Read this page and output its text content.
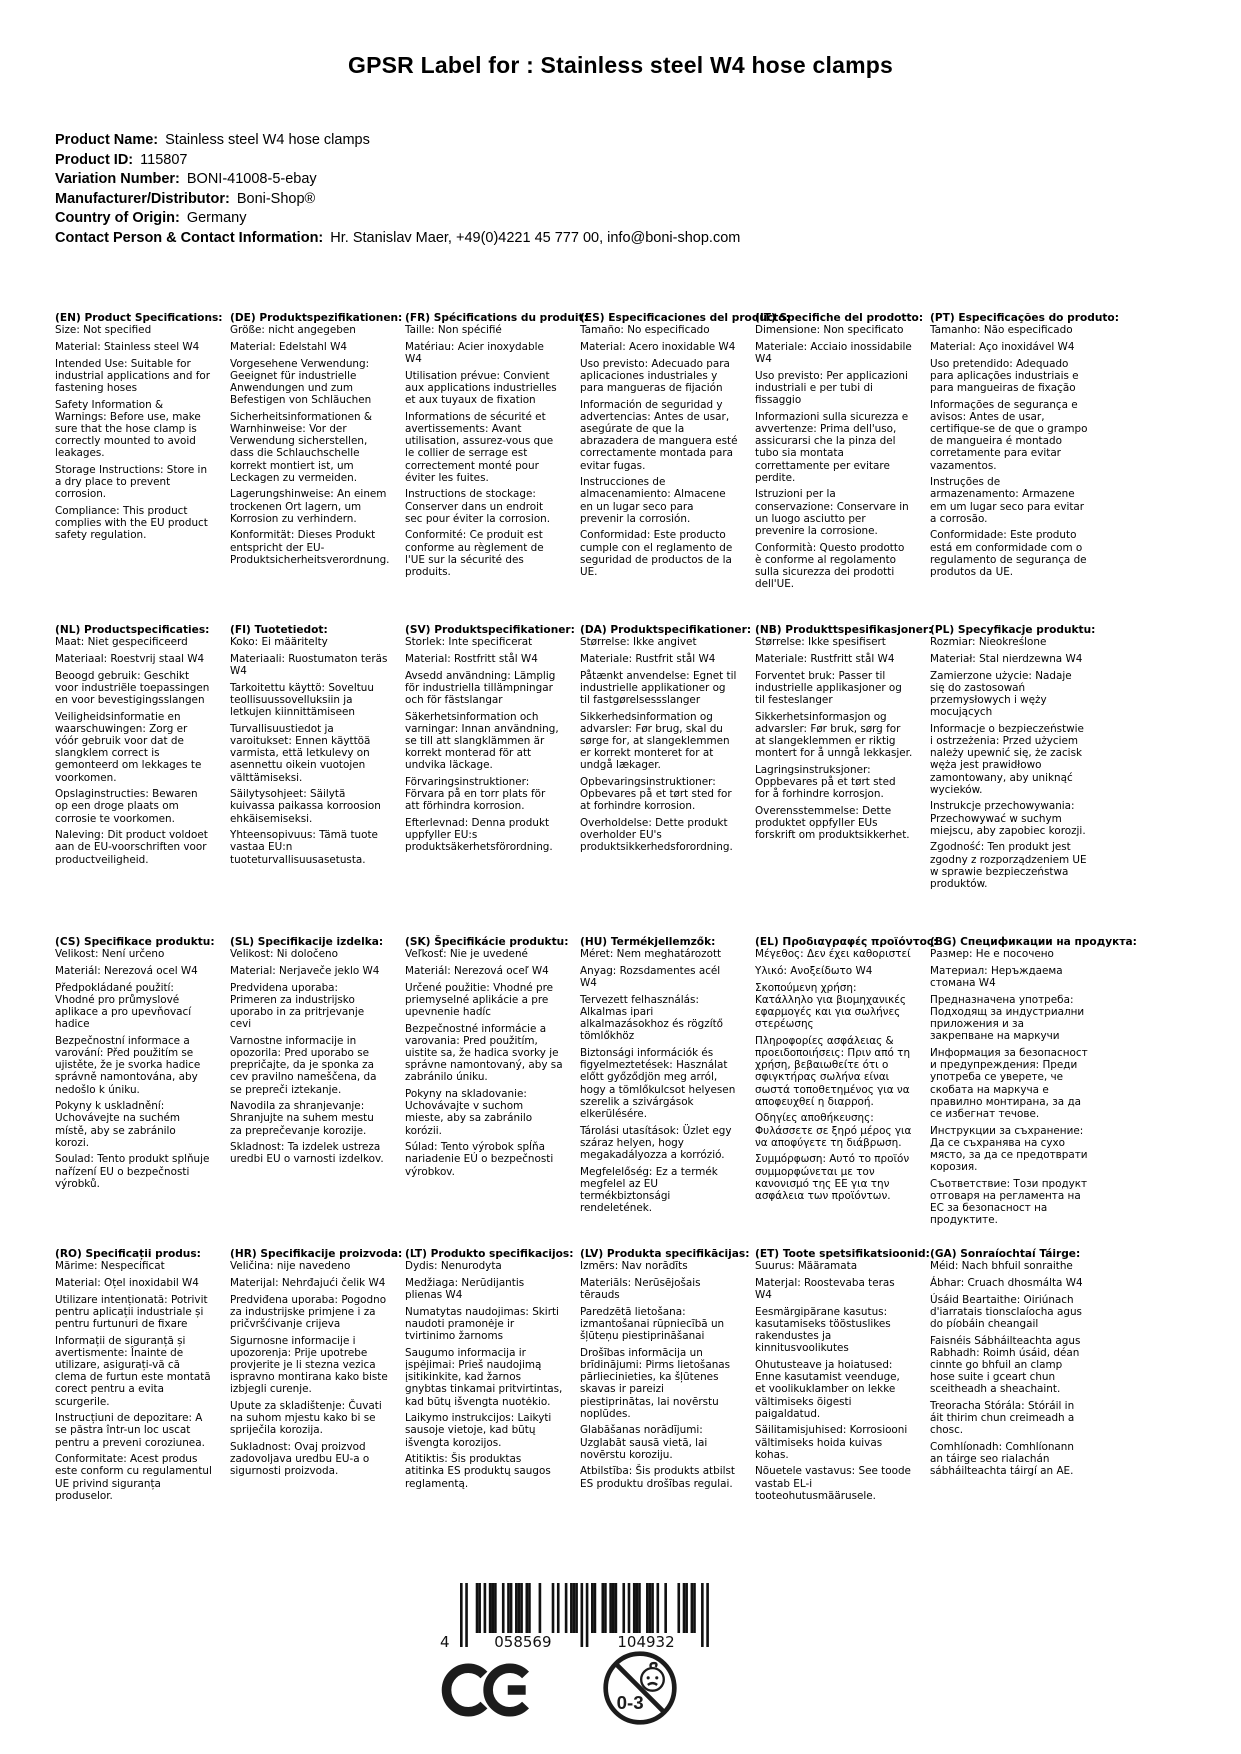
GPSR Label for : Stainless steel W4 hose clamps
Product Name: Stainless steel W4 hose clamps
Product ID: 115807
Variation Number: BONI-41008-5-ebay
Manufacturer/Distributor: Boni-Shop®
Country of Origin: Germany
Contact Person & Contact Information: Hr. Stanislav Maer, +49(0)4221 45 777 00, info@boni-shop.com
(EN) Product Specifications:

Size: Not specified

Material: Stainless steel W4

Intended Use: Suitable for industrial applications and for fastening hoses

Safety Information & Warnings: Before use, make sure that the hose clamp is correctly mounted to avoid leakages.

Storage Instructions: Store in a dry place to prevent corrosion.

Compliance: This product complies with the EU product safety regulation.

(DE) Produktspezifikationen:

Größe: nicht angegeben

Material: Edelstahl W4

Vorgesehene Verwendung: Geeignet für industrielle Anwendungen und zum Befestigen von Schläuchen

Sicherheitsinformationen & Warnhinweise: Vor der Verwendung sicherstellen, dass die Schlauchschelle korrekt montiert ist, um Leckagen zu vermeiden.

Lagerungshinweise: An einem trockenen Ort lagern, um Korrosion zu verhindern.

Konformität: Dieses Produkt entspricht der EU-Produktsicherheitsverordnung.

(FR) Spécifications du produit:

Taille: Non spécifié

Matériau: Acier inoxydable W4

Utilisation prévue: Convient aux applications industrielles et aux tuyaux de fixation

Informations de sécurité et avertissements: Avant utilisation, assurez-vous que le collier de serrage est correctement monté pour éviter les fuites.

Instructions de stockage: Conserver dans un endroit sec pour éviter la corrosion.

Conformité: Ce produit est conforme au règlement de l'UE sur la sécurité des produits.

(ES) Especificaciones del producto:

Tamaño: No especificado

Material: Acero inoxidable W4

Uso previsto: Adecuado para aplicaciones industriales y para mangueras de fijación

Información de seguridad y advertencias: Antes de usar, asegúrate de que la abrazadera de manguera esté correctamente montada para evitar fugas.

Instrucciones de almacenamiento: Almacene en un lugar seco para prevenir la corrosión.

Conformidad: Este producto cumple con el reglamento de seguridad de productos de la UE.

(IT) Specifiche del prodotto:

Dimensione: Non specificato

Materiale: Acciaio inossidabile W4

Uso previsto: Per applicazioni industriali e per tubi di fissaggio

Informazioni sulla sicurezza e avvertenze: Prima dell'uso, assicurarsi che la pinza del tubo sia montata correttamente per evitare perdite.

Istruzioni per la conservazione: Conservare in un luogo asciutto per prevenire la corrosione.

Conformità: Questo prodotto è conforme al regolamento sulla sicurezza dei prodotti dell'UE.

(PT) Especificações do produto:

Tamanho: Não especificado

Material: Aço inoxidável W4

Uso pretendido: Adequado para aplicações industriais e para mangueiras de fixação

Informações de segurança e avisos: Antes de usar, certifique-se de que o grampo de mangueira é montado corretamente para evitar vazamentos.

Instruções de armazenamento: Armazene em um lugar seco para evitar a corrosão.

Conformidade: Este produto está em conformidade com o regulamento de segurança de produtos da UE.

(NL) Productspecificaties:

Maat: Niet gespecificeerd

Materiaal: Roestvrij staal W4

Beoogd gebruik: Geschikt voor industriële toepassingen en voor bevestigingsslangen

Veiligheidsinformatie en waarschuwingen: Zorg er vóór gebruik voor dat de slangklem correct is gemonteerd om lekkages te voorkomen.

Opslaginstructies: Bewaren op een droge plaats om corrosie te voorkomen.

Naleving: Dit product voldoet aan de EU-voorschriften voor productveiligheid.

(FI) Tuotetiedot:

Koko: Ei määritelty

Materiaali: Ruostumaton teräs W4

Tarkoitettu käyttö: Soveltuu teollisuussovelluksiin ja letkujen kiinnittämiseen

Turvallisuustiedot ja varoitukset: Ennen käyttöä varmista, että letkulevy on asennettu oikein vuotojen välttämiseksi.

Säilytysohjeet: Säilytä kuivassa paikassa korroosion ehkäisemiseksi.

Yhteensopivuus: Tämä tuote vastaa EU:n tuoteturvallisuusasetusta.

(SV) Produktspecifikationer:

Storlek: Inte specificerat

Material: Rostfritt stål W4

Avsedd användning: Lämplig för industriella tillämpningar och för fästslangar

Säkerhetsinformation och varningar: Innan användning, se till att slangklämmen är korrekt monterad för att undvika läckage.

Förvaringsinstruktioner: Förvara på en torr plats för att förhindra korrosion.

Efterlevnad: Denna produkt uppfyller EU:s produktsäkerhetsförordning.

(DA) Produktspecifikationer:

Størrelse: Ikke angivet

Materiale: Rustfrit stål W4

Påtænkt anvendelse: Egnet til industrielle applikationer og til fastgørelsessslanger

Sikkerhedsinformation og advarsler: Før brug, skal du sørge for, at slangeklemmen er korrekt monteret for at undgå lækager.

Opbevaringsinstruktioner: Opbevares på et tørt sted for at forhindre korrosion.

Overholdelse: Dette produkt overholder EU's produktsikkerhedsforordning.

(NB) Produkttspesifikasjoner:

Størrelse: Ikke spesifisert

Materiale: Rustfritt stål W4

Forventet bruk: Passer til industrielle applikasjoner og til festeslanger

Sikkerhetsinformasjon og advarsler: Før bruk, sørg for at slangeklemmen er riktig montert for å unngå lekkasjer.

Lagringsinstruksjoner: Oppbevares på et tørt sted for å forhindre korrosjon.

Overensstemmelse: Dette produktet oppfyller EUs forskrift om produktsikkerhet.

(PL) Specyfikacje produktu:

Rozmiar: Nieokreślone

Materiał: Stal nierdzewna W4

Zamierzone użycie: Nadaje się do zastosowań przemysłowych i węży mocujących

Informacje o bezpieczeństwie i ostrzeżenia: Przed użyciem należy upewnić się, że zacisk węża jest prawidłowo zamontowany, aby uniknąć wycieków.

Instrukcje przechowywania: Przechowywać w suchym miejscu, aby zapobiec korozji.

Zgodność: Ten produkt jest zgodny z rozporządzeniem UE w sprawie bezpieczeństwa produktów.

(CS) Specifikace produktu:

Velikost: Není určeno

Materiál: Nerezová ocel W4

Předpokládané použití: Vhodné pro průmyslové aplikace a pro upevňovací hadice

Bezpečnostní informace a varování: Před použitím se ujistěte, že je svorka hadice správně namontována, aby nedošlo k úniku.

Pokyny k uskladnění: Uchovávejte na suchém místě, aby se zabránilo korozi.

Soulad: Tento produkt splňuje nařízení EU o bezpečnosti výrobků.

(SL) Specifikacije izdelka:

Velikost: Ni določeno

Material: Nerjaveče jeklo W4

Predvidena uporaba: Primeren za industrijsko uporabo in za pritrjevanje cevi

Varnostne informacije in opozorila: Pred uporabo se prepričajte, da je sponka za cev pravilno nameščena, da se prepreči iztekanje.

Navodila za shranjevanje: Shranjujte na suhem mestu za preprečevanje korozije.

Skladnost: Ta izdelek ustreza uredbi EU o varnosti izdelkov.

(SK) Špecifikácie produktu:

Veľkosť: Nie je uvedené

Materiál: Nerezová oceľ W4

Určené použitie: Vhodné pre priemyselné aplikácie a pre upevnenie hadíc

Bezpečnostné informácie a varovania: Pred použitím, uistite sa, že hadica svorky je správne namontovaný, aby sa zabránilo úniku.

Pokyny na skladovanie: Uchovávajte v suchom mieste, aby sa zabránilo korózii.

Súlad: Tento výrobok spĺňa nariadenie EÚ o bezpečnosti výrobkov.

(HU) Termékjellemzők:

Méret: Nem meghatározott

Anyag: Rozsdamentes acél W4

Tervezett felhasználás: Alkalmas ipari alkalmazásokhoz és rögzítő tömlőkhöz

Biztonsági információk és figyelmeztetések: Használat előtt győződjön meg arról, hogy a tömlőkulcsot helyesen szerelik a szivárgások elkerülésére.

Tárolási utasítások: Üzlet egy száraz helyen, hogy megakadályozza a korrózió.

Megfelelőség: Ez a termék megfelel az EU termékbiztonsági rendeletének.

(EL) Προδιαγραφές προϊόντος:

Μέγεθος: Δεν έχει καθοριστεί

Υλικό: Ανοξείδωτο W4

Σκοπούμενη χρήση: Κατάλληλο για βιομηχανικές εφαρμογές και για σωλήνες στερέωσης

Πληροφορίες ασφάλειας & προειδοποιήσεις: Πριν από τη χρήση, βεβαιωθείτε ότι ο σφιγκτήρας σωλήνα είναι σωστά τοποθετημένος για να αποφευχθεί η διαρροή.

Οδηγίες αποθήκευσης: Φυλάσσετε σε ξηρό μέρος για να αποφύγετε τη διάβρωση.

Συμμόρφωση: Αυτό το προϊόν συμμορφώνεται με τον κανονισμό της ΕΕ για την ασφάλεια των προϊόντων.

(BG) Спецификации на продукта:

Размер: Не е посочено

Материал: Неръждаема стомана W4

Предназначена употреба: Подходящ за индустриални приложения и за закрепване на маркучи

Информация за безопасност и предупреждения: Преди употреба се уверете, че скобата на маркуча е правилно монтирана, за да се избегнат течове.

Инструкции за съхранение: Да се съхранява на сухо място, за да се предотврати корозия.

Съответствие: Този продукт отговаря на регламента на ЕС за безопасност на продуктите.

(RO) Specificații produs:

Mărime: Nespecificat

Material: Oțel inoxidabil W4

Utilizare intenționată: Potrivit pentru aplicații industriale și pentru furtunuri de fixare

Informații de siguranță și avertismente: Înainte de utilizare, asigurați-vă că clema de furtun este montată corect pentru a evita scurgerile.

Instrucțiuni de depozitare: A se păstra într-un loc uscat pentru a preveni coroziunea.

Conformitate: Acest produs este conform cu regulamentul UE privind siguranța produselor.

(HR) Specifikacije proizvoda:

Veličina: nije navedeno

Materijal: Nehrđajući čelik W4

Predviđena uporaba: Pogodno za industrijske primjene i za pričvršćivanje crijeva

Sigurnosne informacije i upozorenja: Prije upotrebe provjerite je li stezna vezica ispravno montirana kako biste izbjegli curenje.

Upute za skladištenje: Čuvati na suhom mjestu kako bi se spriječila korozija.

Sukladnost: Ovaj proizvod zadovoljava uredbu EU-a o sigurnosti proizvoda.

(LT) Produkto specifikacijos:

Dydis: Nenurodyta

Medžiaga: Nerūdijantis plienas W4

Numatytas naudojimas: Skirti naudoti pramonėje ir tvirtinimo žarnoms

Saugumo informacija ir įspėjimai: Prieš naudojimą įsitikinkite, kad žarnos gnybtas tinkamai pritvirtintas, kad būtų išvengta nuotėkio.

Laikymo instrukcijos: Laikyti sausoje vietoje, kad būtų išvengta korozijos.

Atitiktis: Šis produktas atitinka ES produktų saugos reglamentą.

(LV) Produkta specifikācijas:

Izmērs: Nav norādīts

Materiāls: Nerūsējošais tērauds

Paredzētā lietošana: izmantošanai rūpniecībā un šļūteņu piestiprināšanai

Drošības informācija un brīdinājumi: Pirms lietošanas pārliecinieties, ka šļūtenes skavas ir pareizi piestiprinātas, lai novērstu noplūdes.

Glabāšanas norādījumi: Uzglabāt sausā vietā, lai novērstu koroziju.

Atbilstība: Šis produkts atbilst ES produktu drošības regulai.

(ET) Toote spetsifikatsioonid:

Suurus: Määramata

Materjal: Roostevaba teras W4

Eesmärgipärane kasutus: kasutamiseks tööstuslikes rakendustes ja kinnitusvoolikutes

Ohutusteave ja hoiatused: Enne kasutamist veenduge, et voolikuklamber on lekke vältimiseks õigesti paigaldatud.

Säilitamisjuhised: Korrosiooni vältimiseks hoida kuivas kohas.

Nõuetele vastavus: See toode vastab EL-i tooteohutusmäärusele.

(GA) Sonraíochtaí Táirge:

Méid: Nach bhfuil sonraithe

Ábhar: Cruach dhosmálta W4

Úsáid Beartaithe: Oiriúnach d'iarratais tionsclaíocha agus do píobáin cheangail

Faisnéis Sábháilteachta agus Rabhadh: Roimh úsáid, déan cinnte go bhfuil an clamp hose suite i gceart chun sceitheadh a sheachaint.

Treoracha Stórála: Stóráil in áit thirim chun creimeadh a chosc.

Comhlíonadh: Comhlíonann an táirge seo rialachán sábháilteachta táirgí an AE.

4	058569	104932
0-3
